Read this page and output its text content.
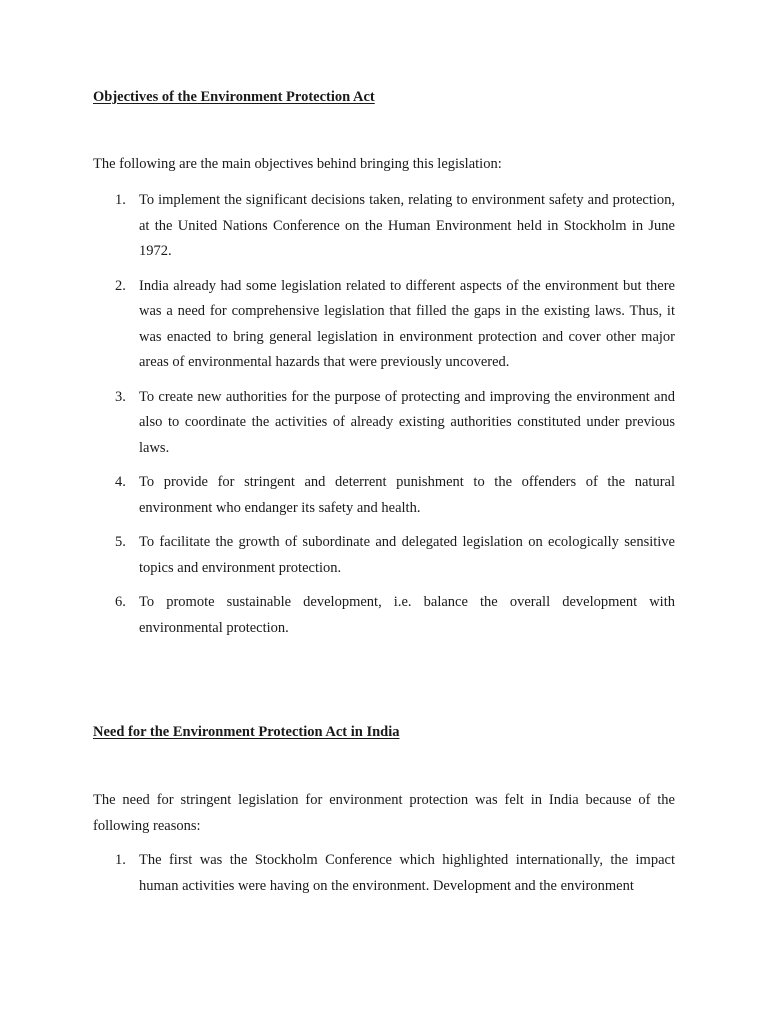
Objectives of the Environment Protection Act

The following are the main objectives behind bringing this legislation:

1. To implement the significant decisions taken, relating to environment safety and protection, at the United Nations Conference on the Human Environment held in Stockholm in June 1972.
2. India already had some legislation related to different aspects of the environment but there was a need for comprehensive legislation that filled the gaps in the existing laws. Thus, it was enacted to bring general legislation in environment protection and cover other major areas of environmental hazards that were previously uncovered.
3. To create new authorities for the purpose of protecting and improving the environment and also to coordinate the activities of already existing authorities constituted under previous laws.
4. To provide for stringent and deterrent punishment to the offenders of the natural environment who endanger its safety and health.
5. To facilitate the growth of subordinate and delegated legislation on ecologically sensitive topics and environment protection.
6. To promote sustainable development, i.e. balance the overall development with environmental protection.
Need for the Environment Protection Act in India

The need for stringent legislation for environment protection was felt in India because of the following reasons:

1. The first was the Stockholm Conference which highlighted internationally, the impact human activities were having on the environment. Development and the environment
